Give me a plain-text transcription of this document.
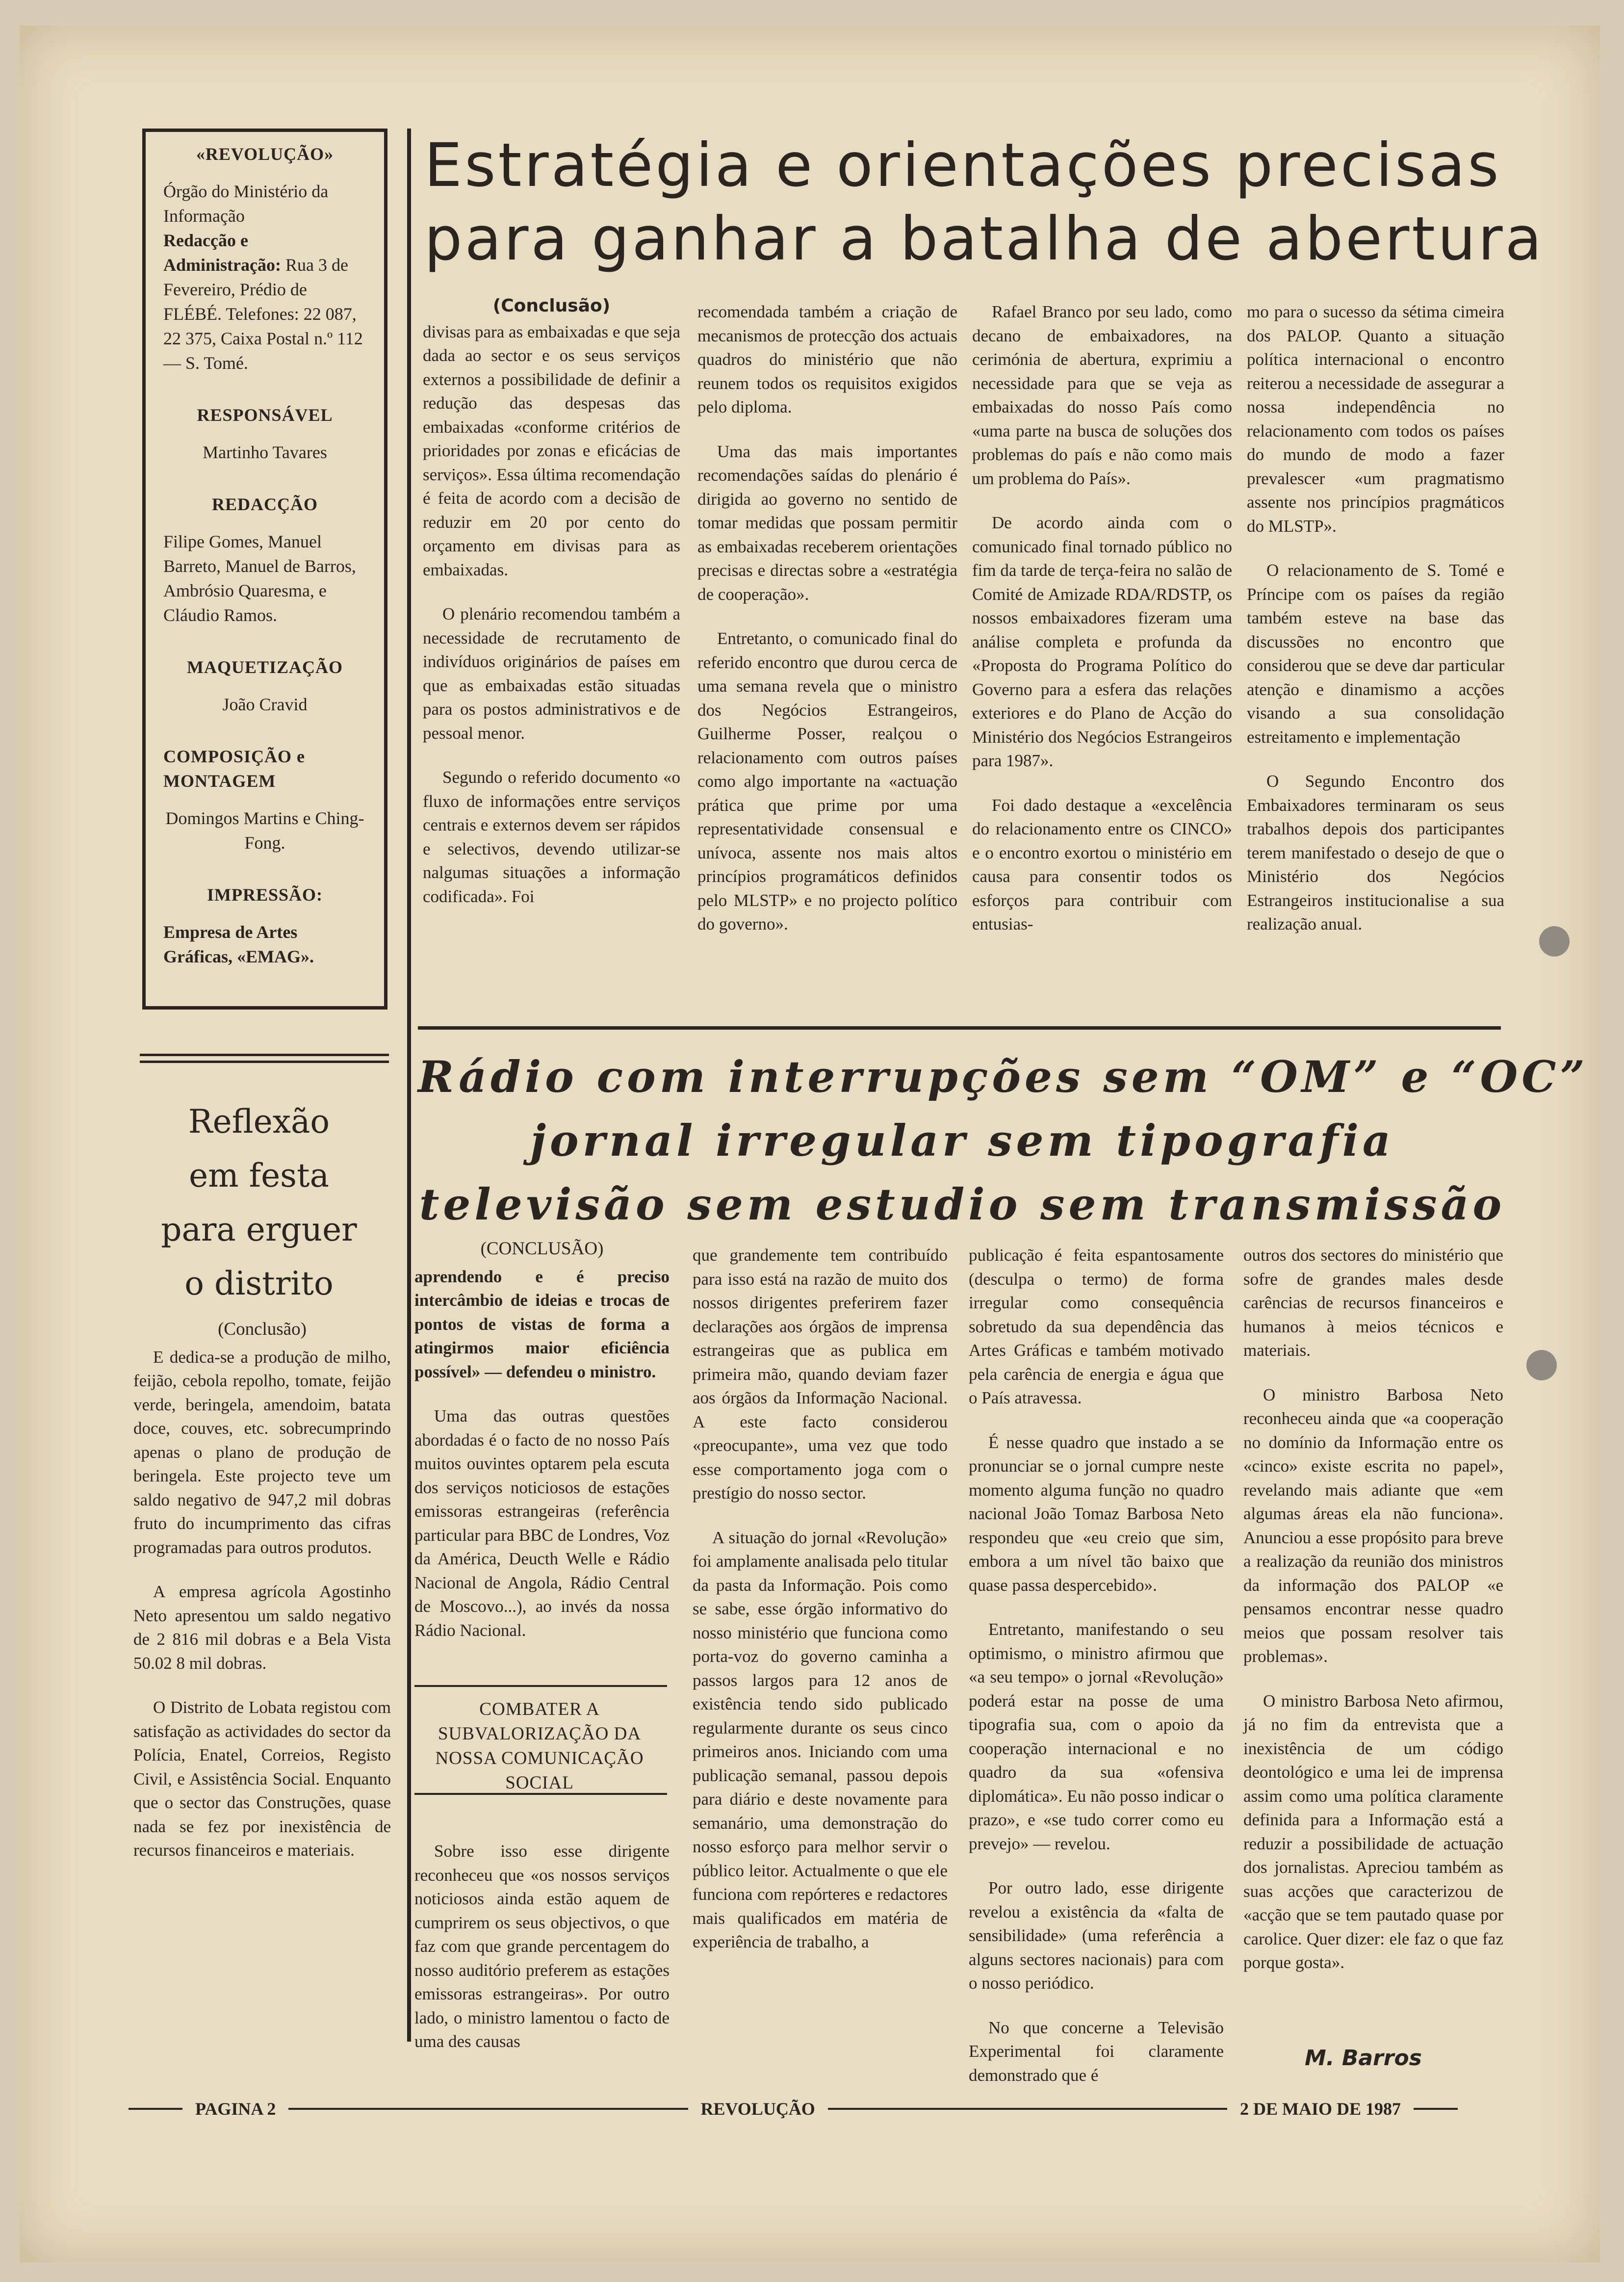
«REVOLUÇÃO»
Órgão do Ministério da Informação
Redacção e Administração: Rua 3 de Fevereiro, Prédio de FLÉBÉ. Telefones: 22 087, 22 375, Caixa Postal n.º 112 — S. Tomé.
RESPONSÁVEL
Martinho Tavares
REDACÇÃO
Filipe Gomes, Manuel Barreto, Manuel de Barros, Ambrósio Quaresma, e Cláudio Ramos.
MAQUETIZAÇÃO
João Cravid
COMPOSIÇÃO e MONTAGEM
Domingos Martins e Ching-Fong.
IMPRESSÃO:
Empresa de Artes Gráficas, «EMAG».
Estratégia e orientações precisas
para ganhar a batalha de abertura
(Conclusão)

divisas para as embaixadas e que seja dada ao sector e os seus serviços externos a possibilidade de definir a redução das despesas das embaixadas «conforme critérios de prioridades por zonas e eficácias de serviços». Essa última recomendação é feita de acordo com a decisão de reduzir em 20 por cento do orçamento em divisas para as embaixadas.

O plenário recomendou também a necessidade de recrutamento de indivíduos originários de países em que as embaixadas estão situadas para os postos administrativos e de pessoal menor.

Segundo o referido documento «o fluxo de informações entre serviços centrais e externos devem ser rápidos e selectivos, devendo utilizar-se nalgumas situações a informação codificada». Foi

recomendada também a criação de mecanismos de protecção dos actuais quadros do ministério que não reunem todos os requisitos exigidos pelo diploma.

Uma das mais importantes recomendações saídas do plenário é dirigida ao governo no sentido de tomar medidas que possam permitir as embaixadas receberem orientações precisas e directas sobre a «estratégia de cooperação».

Entretanto, o comunicado final do referido encontro que durou cerca de uma semana revela que o ministro dos Negócios Estrangeiros, Guilherme Posser, realçou o relacionamento com outros países como algo importante na «actuação prática que prime por uma representatividade consensual e unívoca, assente nos mais altos princípios programáticos definidos pelo MLSTP» e no projecto político do governo».

Rafael Branco por seu lado, como decano de embaixadores, na cerimónia de abertura, exprimiu a necessidade para que se veja as embaixadas do nosso País como «uma parte na busca de soluções dos problemas do país e não como mais um problema do País».

De acordo ainda com o comunicado final tornado público no fim da tarde de terça-feira no salão de Comité de Amizade RDA/RDSTP, os nossos embaixadores fizeram uma análise completa e profunda da «Proposta do Programa Político do Governo para a esfera das relações exteriores e do Plano de Acção do Ministério dos Negócios Estrangeiros para 1987».

Foi dado destaque a «excelência do relacionamento entre os CINCO» e o encontro exortou o ministério em causa para consentir todos os esforços para contribuir com entusias-

mo para o sucesso da sétima cimeira dos PALOP. Quanto a situação política internacional o encontro reiterou a necessidade de assegurar a nossa independência no relacionamento com todos os países do mundo de modo a fazer prevalescer «um pragmatismo assente nos princípios pragmáticos do MLSTP».

O relacionamento de S. Tomé e Príncipe com os países da região também esteve na base das discussões no encontro que considerou que se deve dar particular atenção e dinamismo a acções visando a sua consolidação estreitamento e implementação

O Segundo Encontro dos Embaixadores terminaram os seus trabalhos depois dos participantes terem manifestado o desejo de que o Ministério dos Negócios Estrangeiros institucionalise a sua realização anual.

Rádio com interrupções sem “OM” e “OC”
jornal irregular sem tipografia
televisão sem estudio sem transmissão
(CONCLUSÃO)

aprendendo e é preciso intercâmbio de ideias e trocas de pontos de vistas de forma a atingirmos maior eficiência possível» — defendeu o ministro.

Uma das outras questões abordadas é o facto de no nosso País muitos ouvintes optarem pela escuta dos serviços noticiosos de estações emissoras estrangeiras (referência particular para BBC de Londres, Voz da América, Deucth Welle e Rádio Nacional de Angola, Rádio Central de Moscovo...), ao invés da nossa Rádio Nacional.

COMBATER A SUBVALORIZAÇÃO DA NOSSA COMUNICAÇÃO SOCIAL

Sobre isso esse dirigente reconheceu que «os nossos serviços noticiosos ainda estão aquem de cumprirem os seus objectivos, o que faz com que grande percentagem do nosso auditório preferem as estações emissoras estrangeiras». Por outro lado, o ministro lamentou o facto de uma des causas

que grandemente tem contribuído para isso está na razão de muito dos nossos dirigentes preferirem fazer declarações aos órgãos de imprensa estrangeiras que as publica em primeira mão, quando deviam fazer aos órgãos da Informação Nacional. A este facto considerou «preocupante», uma vez que todo esse comportamento joga com o prestígio do nosso sector.

A situação do jornal «Revolução» foi amplamente analisada pelo titular da pasta da Informação. Pois como se sabe, esse órgão informativo do nosso ministério que funciona como porta-voz do governo caminha a passos largos para 12 anos de existência tendo sido publicado regularmente durante os seus cinco primeiros anos. Iniciando com uma publicação semanal, passou depois para diário e deste novamente para semanário, uma demonstração do nosso esforço para melhor servir o público leitor. Actualmente o que ele funciona com repórteres e redactores mais qualificados em matéria de experiência de trabalho, a

publicação é feita espantosamente (desculpa o termo) de forma irregular como consequência sobretudo da sua dependência das Artes Gráficas e também motivado pela carência de energia e água que o País atravessa.

É nesse quadro que instado a se pronunciar se o jornal cumpre neste momento alguma função no quadro nacional João Tomaz Barbosa Neto respondeu que «eu creio que sim, embora a um nível tão baixo que quase passa despercebido».

Entretanto, manifestando o seu optimismo, o ministro afirmou que «a seu tempo» o jornal «Revolução» poderá estar na posse de uma tipografia sua, com o apoio da cooperação internacional e no quadro da sua «ofensiva diplomática». Eu não posso indicar o prazo», e «se tudo correr como eu prevejo» — revelou.

Por outro lado, esse dirigente revelou a existência da «falta de sensibilidade» (uma referência a alguns sectores nacionais) para com o nosso periódico.

No que concerne a Televisão Experimental foi claramente demonstrado que é

outros dos sectores do ministério que sofre de grandes males desde carências de recursos financeiros e humanos à meios técnicos e materiais.

O ministro Barbosa Neto reconheceu ainda que «a cooperação no domínio da Informação entre os «cinco» existe escrita no papel», revelando mais adiante que «em algumas áreas ela não funciona». Anunciou a esse propósito para breve a realização da reunião dos ministros da informação dos PALOP «e pensamos encontrar nesse quadro meios que possam resolver tais problemas».

O ministro Barbosa Neto afirmou, já no fim da entrevista que a inexistência de um código deontológico e uma lei de imprensa assim como uma política claramente definida para a Informação está a reduzir a possibilidade de actuação dos jornalistas. Apreciou também as suas acções que caracterizou de «acção que se tem pautado quase por carolice. Quer dizer: ele faz o que faz porque gosta».

M. Barros
Reflexão
em festa
para erguer
o distrito
(Conclusão)

E dedica-se a produção de milho, feijão, cebola repolho, tomate, feijão verde, beringela, amendoim, batata doce, couves, etc. sobrecumprindo apenas o plano de produção de beringela. Este projecto teve um saldo negativo de 947,2 mil dobras fruto do incumprimento das cifras programadas para outros produtos.

A empresa agrícola Agostinho Neto apresentou um saldo negativo de 2 816 mil dobras e a Bela Vista 50.02 8 mil dobras.

O Distrito de Lobata registou com satisfação as actividades do sector da Polícia, Enatel, Correios, Registo Civil, e Assistência Social. Enquanto que o sector das Construções, quase nada se fez por inexistência de recursos financeiros e materiais.

PAGINA 2	REVOLUÇÃO	2 DE MAIO DE 1987
